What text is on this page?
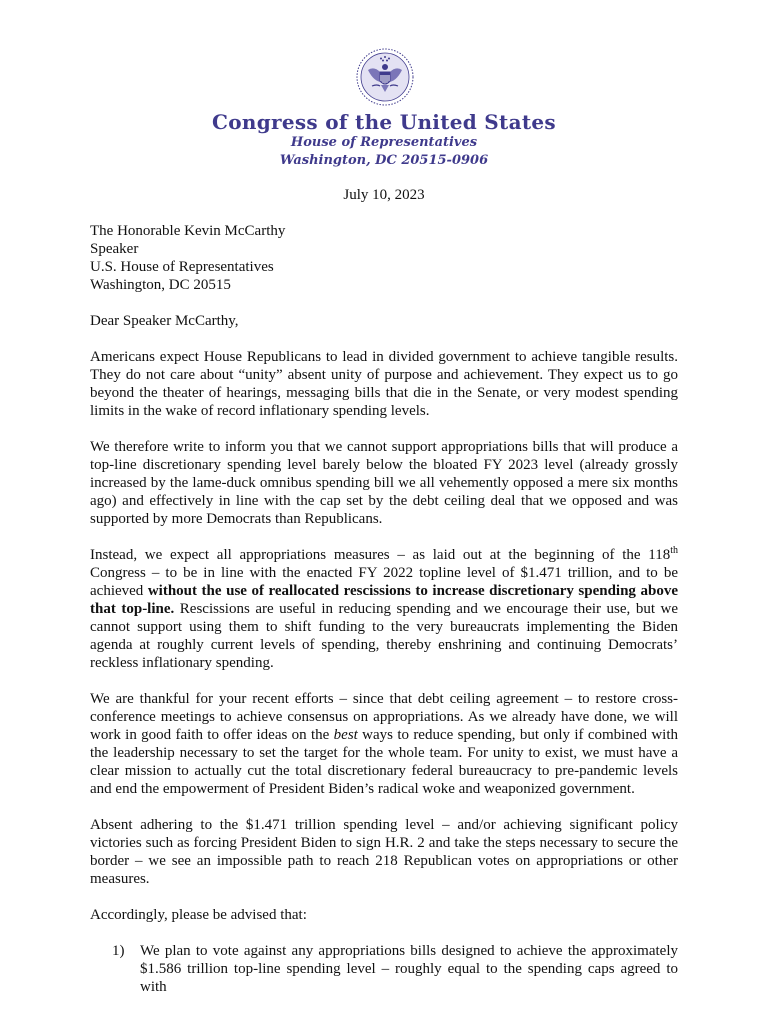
Congress of the United States
House of Representatives
Washington, DC 20515-0906
July 10, 2023
The Honorable Kevin McCarthy
Speaker
U.S. House of Representatives
Washington, DC 20515
Dear Speaker McCarthy,

Americans expect House Republicans to lead in divided government to achieve tangible results. They do not care about “unity” absent unity of purpose and achievement. They expect us to go beyond the theater of hearings, messaging bills that die in the Senate, or very modest spending limits in the wake of record inflationary spending levels.

We therefore write to inform you that we cannot support appropriations bills that will produce a top-line discretionary spending level barely below the bloated FY 2023 level (already grossly increased by the lame-duck omnibus spending bill we all vehemently opposed a mere six months ago) and effectively in line with the cap set by the debt ceiling deal that we opposed and was supported by more Democrats than Republicans.

Instead, we expect all appropriations measures – as laid out at the beginning of the 118th Congress – to be in line with the enacted FY 2022 topline level of $1.471 trillion, and to be achieved without the use of reallocated rescissions to increase discretionary spending above that top-line. Rescissions are useful in reducing spending and we encourage their use, but we cannot support using them to shift funding to the very bureaucrats implementing the Biden agenda at roughly current levels of spending, thereby enshrining and continuing Democrats’ reckless inflationary spending.

We are thankful for your recent efforts – since that debt ceiling agreement – to restore cross-conference meetings to achieve consensus on appropriations. As we already have done, we will work in good faith to offer ideas on the best ways to reduce spending, but only if combined with the leadership necessary to set the target for the whole team. For unity to exist, we must have a clear mission to actually cut the total discretionary federal bureaucracy to pre-pandemic levels and end the empowerment of President Biden’s radical woke and weaponized government.

Absent adhering to the $1.471 trillion spending level – and/or achieving significant policy victories such as forcing President Biden to sign H.R. 2 and take the steps necessary to secure the border – we see an impossible path to reach 218 Republican votes on appropriations or other measures.

Accordingly, please be advised that:

1)	We plan to vote against any appropriations bills designed to achieve the approximately $1.586 trillion top-line spending level – roughly equal to the spending caps agreed to with
